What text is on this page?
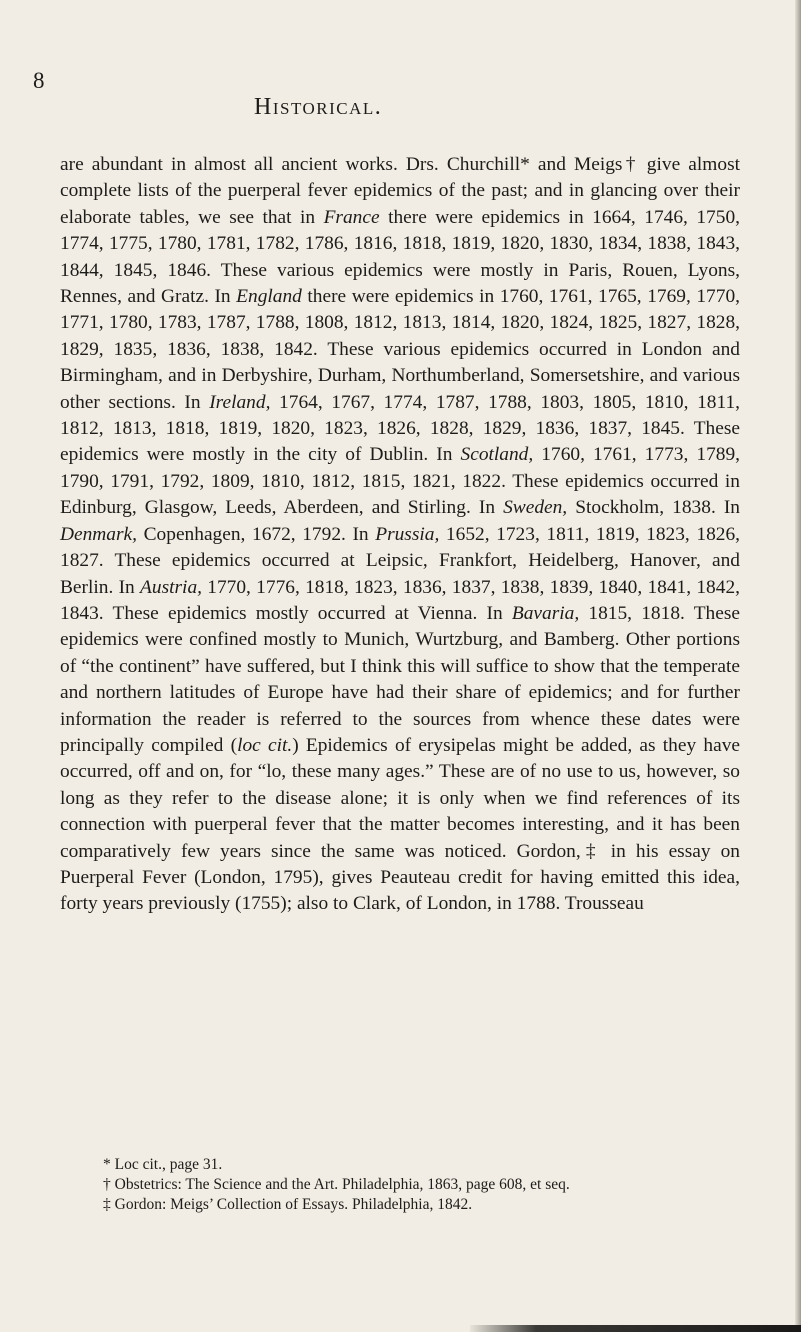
8
Historical.

are abundant in almost all ancient works. Drs. Churchill* and Meigs† give almost complete lists of the puerperal fever epidemics of the past; and in glancing over their elaborate tables, we see that in France there were epidemics in 1664, 1746, 1750, 1774, 1775, 1780, 1781, 1782, 1786, 1816, 1818, 1819, 1820, 1830, 1834, 1838, 1843, 1844, 1845, 1846. These various epidemics were mostly in Paris, Rouen, Lyons, Rennes, and Gratz. In England there were epidemics in 1760, 1761, 1765, 1769, 1770, 1771, 1780, 1783, 1787, 1788, 1808, 1812, 1813, 1814, 1820, 1824, 1825, 1827, 1828, 1829, 1835, 1836, 1838, 1842. These various epidemics occurred in London and Birmingham, and in Derbyshire, Durham, Northumberland, Somersetshire, and various other sections. In Ireland, 1764, 1767, 1774, 1787, 1788, 1803, 1805, 1810, 1811, 1812, 1813, 1818, 1819, 1820, 1823, 1826, 1828, 1829, 1836, 1837, 1845. These epidemics were mostly in the city of Dublin. In Scotland, 1760, 1761, 1773, 1789, 1790, 1791, 1792, 1809, 1810, 1812, 1815, 1821, 1822. These epidemics occurred in Edinburg, Glasgow, Leeds, Aberdeen, and Stirling. In Sweden, Stockholm, 1838. In Denmark, Copenhagen, 1672, 1792. In Prussia, 1652, 1723, 1811, 1819, 1823, 1826, 1827. These epidemics occurred at Leipsic, Frankfort, Heidelberg, Hanover, and Berlin. In Austria, 1770, 1776, 1818, 1823, 1836, 1837, 1838, 1839, 1840, 1841, 1842, 1843. These epidemics mostly occurred at Vienna. In Bavaria, 1815, 1818. These epidemics were confined mostly to Munich, Wurtzburg, and Bamberg. Other portions of “the continent” have suffered, but I think this will suffice to show that the temperate and northern latitudes of Europe have had their share of epidemics; and for further information the reader is referred to the sources from whence these dates were principally compiled (loc cit.) Epidemics of erysipelas might be added, as they have occurred, off and on, for “lo, these many ages.” These are of no use to us, however, so long as they refer to the disease alone; it is only when we find references of its connection with puerperal fever that the matter becomes interesting, and it has been comparatively few years since the same was noticed. Gordon,‡ in his essay on Puerperal Fever (London, 1795), gives Peauteau credit for having emitted this idea, forty years previously (1755); also to Clark, of London, in 1788. Trousseau

* Loc cit., page 31.

† Obstetrics: The Science and the Art. Philadelphia, 1863, page 608, et seq.

‡ Gordon: Meigs’ Collection of Essays. Philadelphia, 1842.
